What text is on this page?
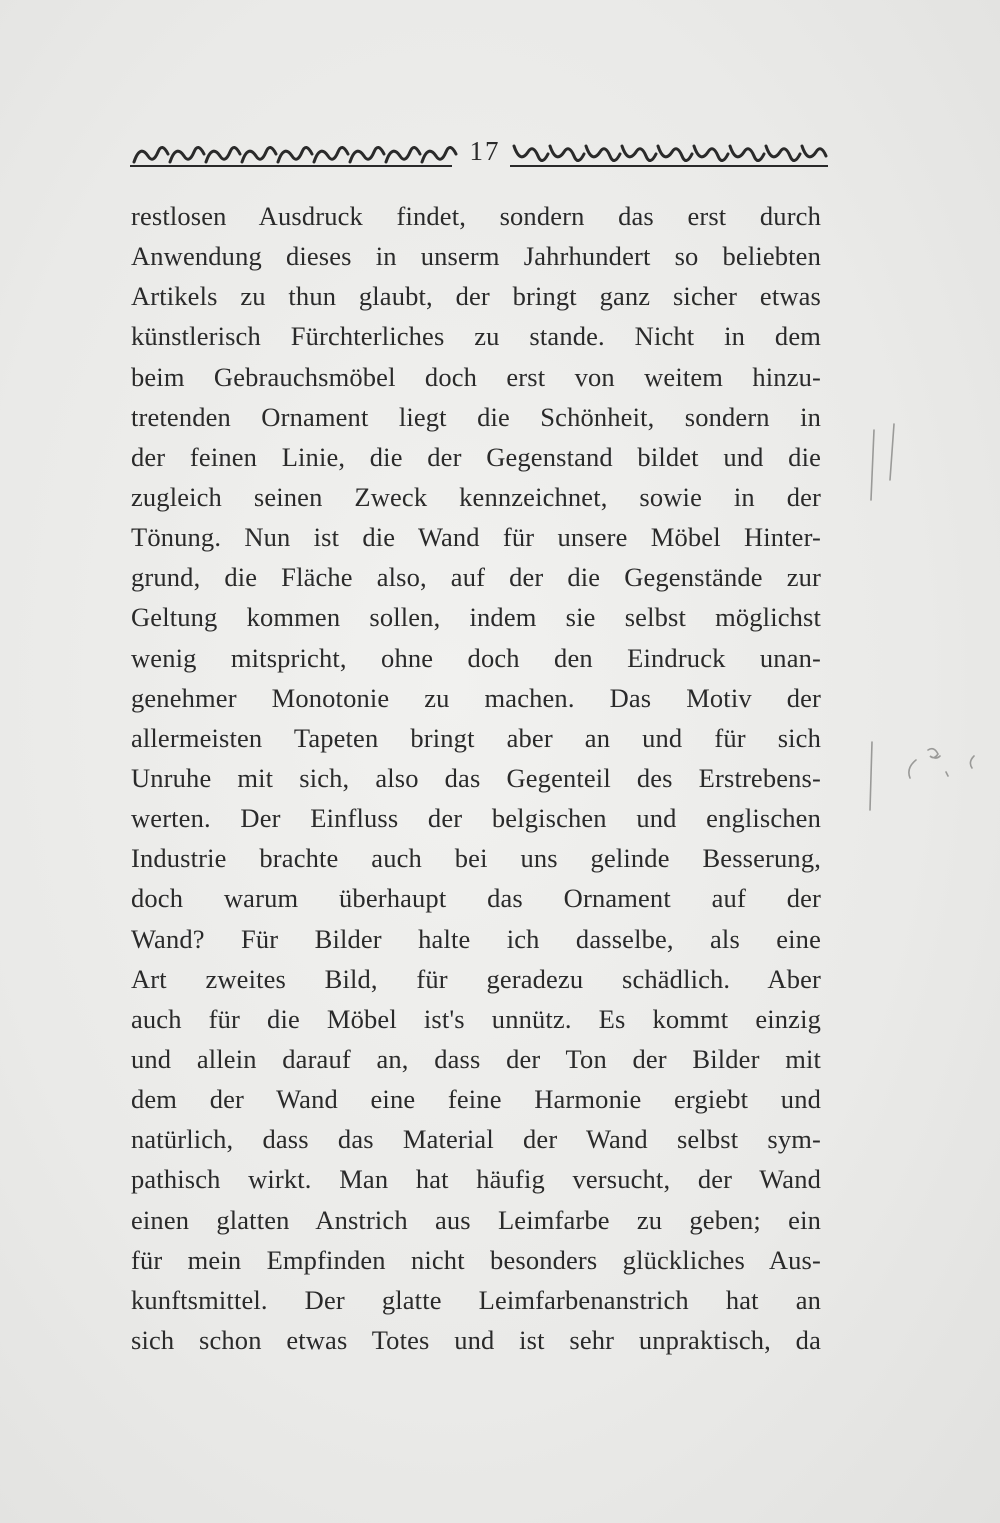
17
restlosen Ausdruck findet, sondern das erst durch
Anwendung dieses in unserm Jahrhundert so beliebten
Artikels zu thun glaubt, der bringt ganz sicher etwas
künstlerisch Fürchterliches zu stande. Nicht in dem
beim Gebrauchsmöbel doch erst von weitem hinzu-
tretenden Ornament liegt die Schönheit, sondern in
der feinen Linie, die der Gegenstand bildet und die
zugleich seinen Zweck kennzeichnet, sowie in der
Tönung. Nun ist die Wand für unsere Möbel Hinter-
grund, die Fläche also, auf der die Gegenstände zur
Geltung kommen sollen, indem sie selbst möglichst
wenig mitspricht, ohne doch den Eindruck unan-
genehmer Monotonie zu machen. Das Motiv der
allermeisten Tapeten bringt aber an und für sich
Unruhe mit sich, also das Gegenteil des Erstrebens-
werten. Der Einfluss der belgischen und englischen
Industrie brachte auch bei uns gelinde Besserung,
doch warum überhaupt das Ornament auf der
Wand? Für Bilder halte ich dasselbe, als eine
Art zweites Bild, für geradezu schädlich. Aber
auch für die Möbel ist's unnütz. Es kommt einzig
und allein darauf an, dass der Ton der Bilder mit
dem der Wand eine feine Harmonie ergiebt und
natürlich, dass das Material der Wand selbst sym-
pathisch wirkt. Man hat häufig versucht, der Wand
einen glatten Anstrich aus Leimfarbe zu geben; ein
für mein Empfinden nicht besonders glückliches Aus-
kunftsmittel. Der glatte Leimfarbenanstrich hat an
sich schon etwas Totes und ist sehr unpraktisch, da
